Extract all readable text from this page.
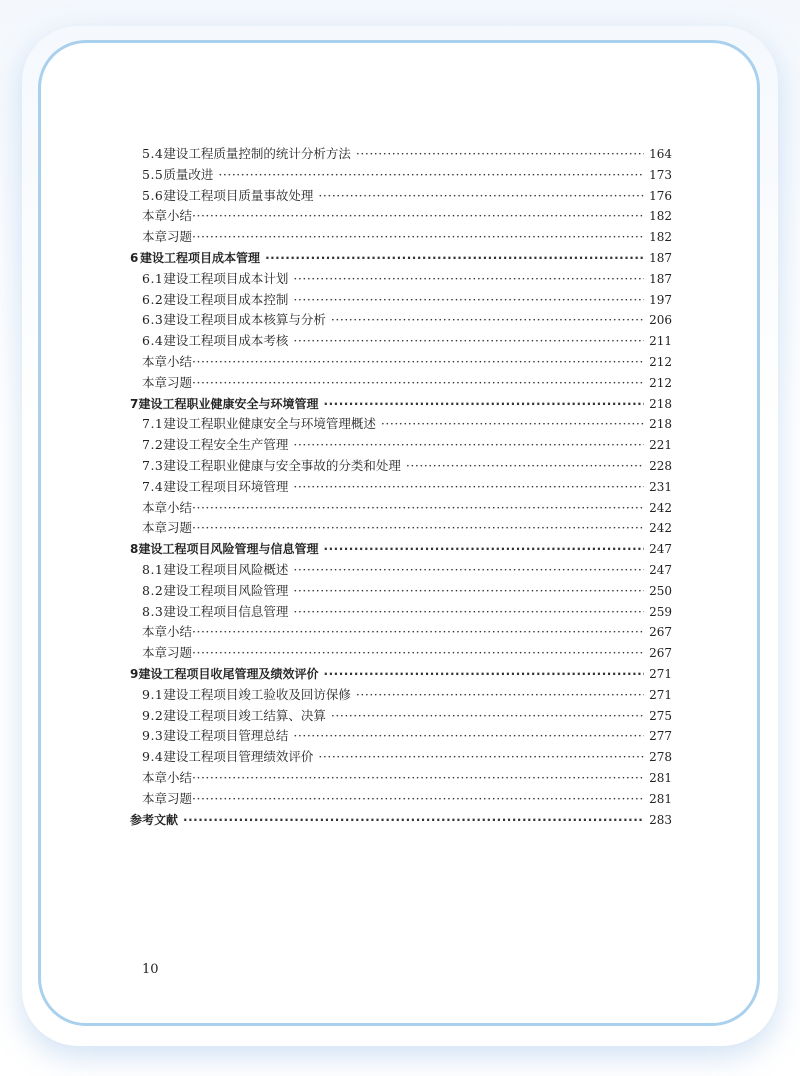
5.4 建设工程质量控制的统计分析方法 ·····	164
5.5 质量改进 ·····	173
5.6 建设工程项目质量事故处理 ·····	176
本章小结 ·····	182
本章习题 ·····	182
6 建设工程项目成本管理 ·····	187
6.1 建设工程项目成本计划 ·····	187
6.2 建设工程项目成本控制 ·····	197
6.3 建设工程项目成本核算与分析 ·····	206
6.4 建设工程项目成本考核 ·····	211
本章小结 ·····	212
本章习题 ·····	212
7 建设工程职业健康安全与环境管理 ·····	218
7.1 建设工程职业健康安全与环境管理概述 ·····	218
7.2 建设工程安全生产管理 ·····	221
7.3 建设工程职业健康与安全事故的分类和处理 ·····	228
7.4 建设工程项目环境管理 ·····	231
本章小结 ·····	242
本章习题 ·····	242
8 建设工程项目风险管理与信息管理 ·····	247
8.1 建设工程项目风险概述 ·····	247
8.2 建设工程项目风险管理 ·····	250
8.3 建设工程项目信息管理 ·····	259
本章小结 ·····	267
本章习题 ·····	267
9 建设工程项目收尾管理及绩效评价 ·····	271
9.1 建设工程项目竣工验收及回访保修 ·····	271
9.2 建设工程项目竣工结算、决算 ·····	275
9.3 建设工程项目管理总结 ·····	277
9.4 建设工程项目管理绩效评价 ·····	278
本章小结 ·····	281
本章习题 ·····	281
参考文献 ·····	283
10
